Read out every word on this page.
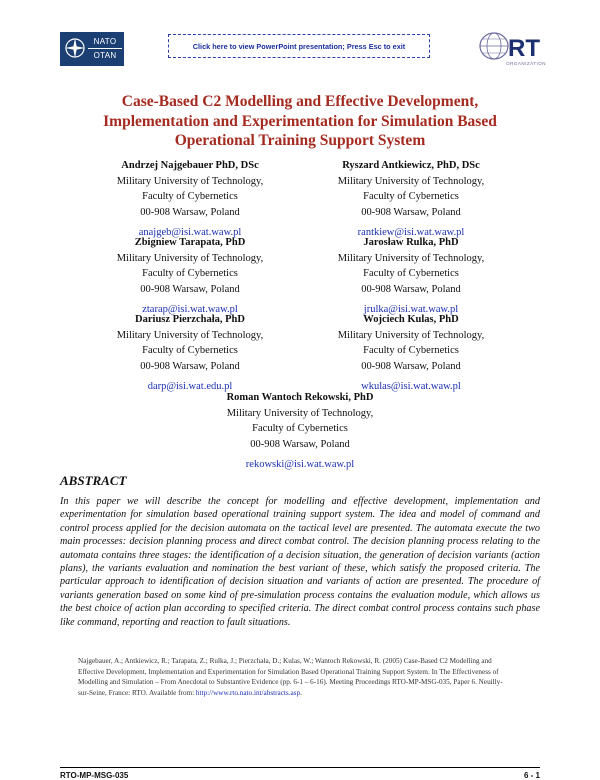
NATO
OTAN
Click here to view PowerPoint presentation; Press Esc to exit	RT
ORGANIZATION
Case-Based C2 Modelling and Effective Development, Implementation and Experimentation for Simulation Based Operational Training Support System
Andrzej Najgebauer PhD, DSc
Military University of Technology,
Faculty of Cybernetics
00-908 Warsaw, Poland
anajgeb@isi.wat.waw.pl
Ryszard Antkiewicz, PhD, DSc
Military University of Technology,
Faculty of Cybernetics
00-908 Warsaw, Poland
rantkiew@isi.wat.waw.pl
Zbigniew Tarapata, PhD
Military University of Technology,
Faculty of Cybernetics
00-908 Warsaw, Poland
ztarap@isi.wat.waw.pl
Jarosław Rulka, PhD
Military University of Technology,
Faculty of Cybernetics
00-908 Warsaw, Poland
jrulka@isi.wat.waw.pl
Dariusz Pierzchała, PhD
Military University of Technology,
Faculty of Cybernetics
00-908 Warsaw, Poland
darp@isi.wat.edu.pl
Wojciech Kulas, PhD
Military University of Technology,
Faculty of Cybernetics
00-908 Warsaw, Poland
wkulas@isi.wat.waw.pl
Roman Wantoch Rekowski, PhD
Military University of Technology,
Faculty of Cybernetics
00-908 Warsaw, Poland
rekowski@isi.wat.waw.pl
ABSTRACT
In this paper we will describe the concept for modelling and effective development, implementation and experimentation for simulation based operational training support system. The idea and model of command and control process applied for the decision automata on the tactical level are presented. The automata execute the two main processes: decision planning process and direct combat control. The decision planning process relating to the automata contains three stages: the identification of a decision situation, the generation of decision variants (action plans), the variants evaluation and nomination the best variant of these, which satisfy the proposed criteria. The particular approach to identification of decision situation and variants of action are presented. The procedure of variants generation based on some kind of pre-simulation process contains the evaluation module, which allows us the best choice of action plan according to specified criteria. The direct combat control process contains such phase like command, reporting and reaction to fault situations.
Najgebauer, A.; Antkiewicz, R.; Tarapata, Z.; Rulka, J.; Pierzchała, D.; Kulas, W.; Wantoch Rekowski, R. (2005) Case-Based C2 Modelling and Effective Development, Implementation and Experimentation for Simulation Based Operational Training Support System. In The Effectiveness of Modelling and Simulation – From Anecdotal to Substantive Evidence (pp. 6-1 – 6-16). Meeting Proceedings RTO-MP-MSG-035, Paper 6. Neuilly-sur-Seine, France: RTO. Available from: http://www.rto.nato.int/abstracts.asp.
RTO-MP-MSG-035	6 - 1
